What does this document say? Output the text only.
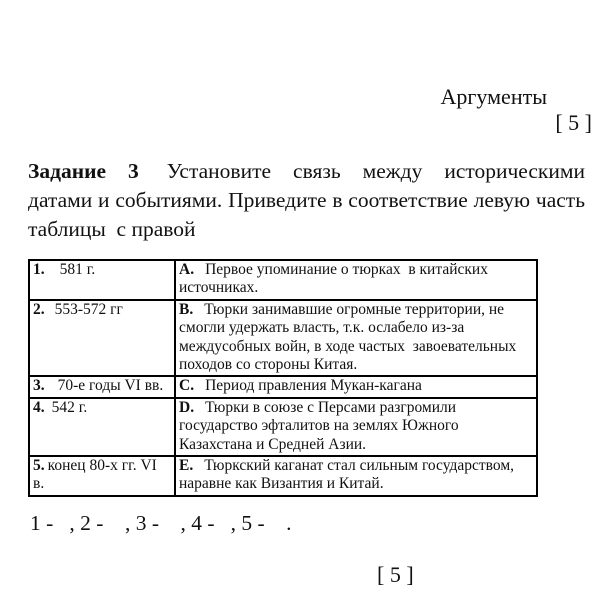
Аргументы
[ 5 ]

Задание 3 Установите связь между историческими датами и событиями. Приведите в соответствие левую часть таблицы  с правой

1. 581 г.	A. Первое упоминание о тюрках  в китайских источниках.
2. 553-572 гг	B. Тюрки занимавшие огромные территории, не смогли удержать власть, т.к. ослабело из-за междусобных войн, в ходе частых  завоевательных походов со стороны Китая.
3. 70-е годы VI вв.	C. Период правления Мукан-кагана
4. 542 г.	D. Тюрки в союзе с Персами разгромили государство эфталитов на землях Южного Казахстана и Средней Азии.
5. конец 80-х гг. VI в.	E. Тюркский каганат стал сильным государством, наравне как Византия и Китай.
1 -   , 2 -    , 3 -    , 4 -   , 5 -    .
[ 5 ]
